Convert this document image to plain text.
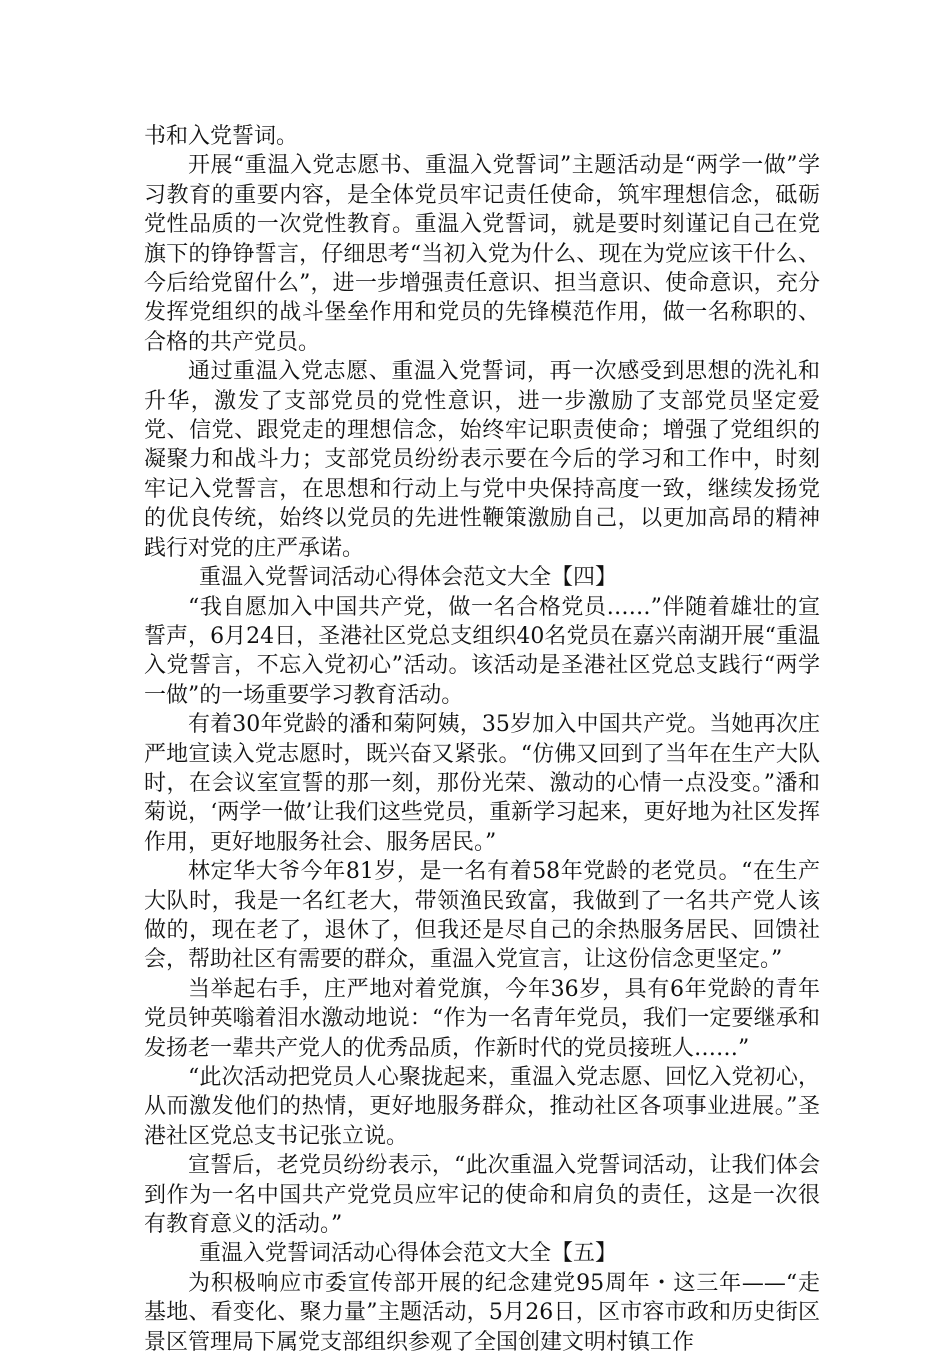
书和入党誓词。

开展“重温入党志愿书、重温入党誓词”主题活动是“两学一做”学习教育的重要内容，是全体党员牢记责任使命，筑牢理想信念，砥砺党性品质的一次党性教育。重温入党誓词，就是要时刻谨记自己在党旗下的铮铮誓言，仔细思考“当初入党为什么、现在为党应该干什么、今后给党留什么”，进一步增强责任意识、担当意识、使命意识，充分发挥党组织的战斗堡垒作用和党员的先锋模范作用，做一名称职的、合格的共产党员。

通过重温入党志愿、重温入党誓词，再一次感受到思想的洗礼和升华，激发了支部党员的党性意识，进一步激励了支部党员坚定爱党、信党、跟党走的理想信念，始终牢记职责使命；增强了党组织的凝聚力和战斗力；支部党员纷纷表示要在今后的学习和工作中，时刻牢记入党誓言，在思想和行动上与党中央保持高度一致，继续发扬党的优良传统，始终以党员的先进性鞭策激励自己，以更加高昂的精神践行对党的庄严承诺。

重温入党誓词活动心得体会范文大全【四】

“我自愿加入中国共产党，做一名合格党员……”伴随着雄壮的宣誓声，6月24日，圣港社区党总支组织40名党员在嘉兴南湖开展“重温入党誓言，不忘入党初心”活动。该活动是圣港社区党总支践行“两学一做”的一场重要学习教育活动。

有着30年党龄的潘和菊阿姨，35岁加入中国共产党。当她再次庄严地宣读入党志愿时，既兴奋又紧张。“仿佛又回到了当年在生产大队时，在会议室宣誓的那一刻，那份光荣、激动的心情一点没变。”潘和菊说，‘两学一做’让我们这些党员，重新学习起来，更好地为社区发挥作用，更好地服务社会、服务居民。”

林定华大爷今年81岁，是一名有着58年党龄的老党员。“在生产大队时，我是一名红老大，带领渔民致富，我做到了一名共产党人该做的，现在老了，退休了，但我还是尽自己的余热服务居民、回馈社会，帮助社区有需要的群众，重温入党宣言，让这份信念更坚定。”

当举起右手，庄严地对着党旗，今年36岁，具有6年党龄的青年党员钟英嗡着泪水激动地说：“作为一名青年党员，我们一定要继承和发扬老一辈共产党人的优秀品质，作新时代的党员接班人……”

“此次活动把党员人心聚拢起来，重温入党志愿、回忆入党初心，从而激发他们的热情，更好地服务群众，推动社区各项事业进展。”圣港社区党总支书记张立说。

宣誓后，老党员纷纷表示，“此次重温入党誓词活动，让我们体会到作为一名中国共产党党员应牢记的使命和肩负的责任，这是一次很有教育意义的活动。”

重温入党誓词活动心得体会范文大全【五】

为积极响应市委宣传部开展的纪念建党95周年・这三年——“走基地、看变化、聚力量”主题活动，5月26日，区市容市政和历史街区景区管理局下属党支部组织参观了全国创建文明村镇工作
